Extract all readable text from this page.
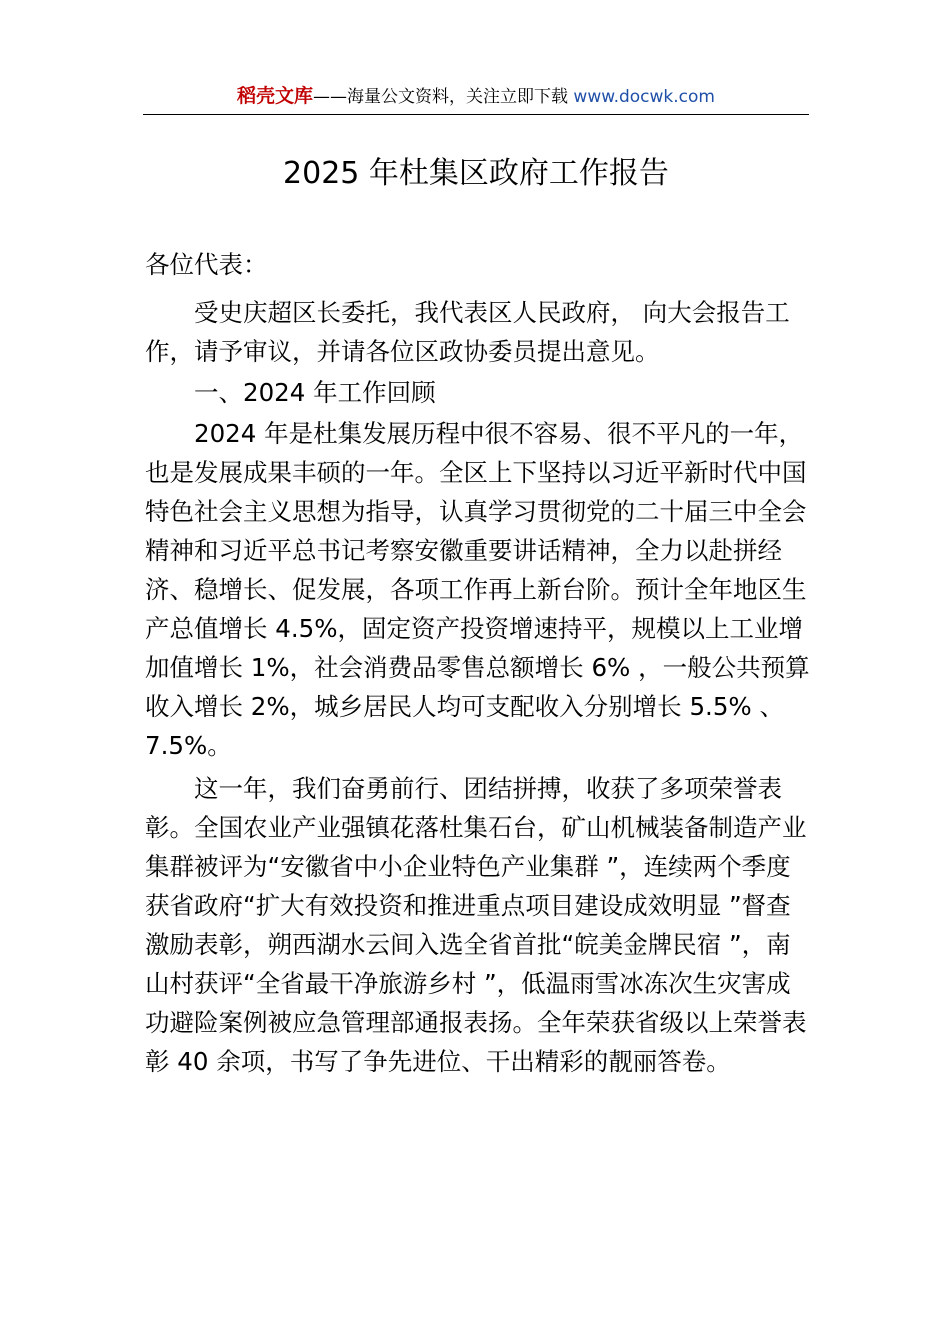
稻壳文库——海量公文资料，关注立即下载 www.docwk.com
2025 年杜集区政府工作报告

各位代表：

受史庆超区长委托，我代表区人民政府， 向大会报告工 作，请予审议，并请各位区政协委员提出意见。

一、2024 年工作回顾

2024 年是杜集发展历程中很不容易、很不平凡的一年，也是发展成果丰硕的一年。全区上下坚持以习近平新时代中国特色社会主义思想为指导，认真学习贯彻党的二十届三中全会精神和习近平总书记考察安徽重要讲话精神，全力以赴拼经济、稳增长、促发展，各项工作再上新台阶。预计全年地区生产总值增长 4.5%，固定资产投资增速持平，规模以上工业增加值增长 1%，社会消费品零售总额增长 6% ，一般公共预算收入增长 2%，城乡居民人均可支配收入分别增长 5.5% 、7.5%。

这一年，我们奋勇前行、团结拼搏，收获了多项荣誉表彰。全国农业产业强镇花落杜集石台，矿山机械装备制造产业集群被评为“安徽省中小企业特色产业集群 ”，连续两个季度获省政府“扩大有效投资和推进重点项目建设成效明显 ”督查激励表彰，朔西湖水云间入选全省首批“皖美金牌民宿 ”，南山村获评“全省最干净旅游乡村 ”，低温雨雪冰冻次生灾害成功避险案例被应急管理部通报表扬。全年荣获省级以上荣誉表彰 40 余项，书写了争先进位、干出精彩的靓丽答卷。
